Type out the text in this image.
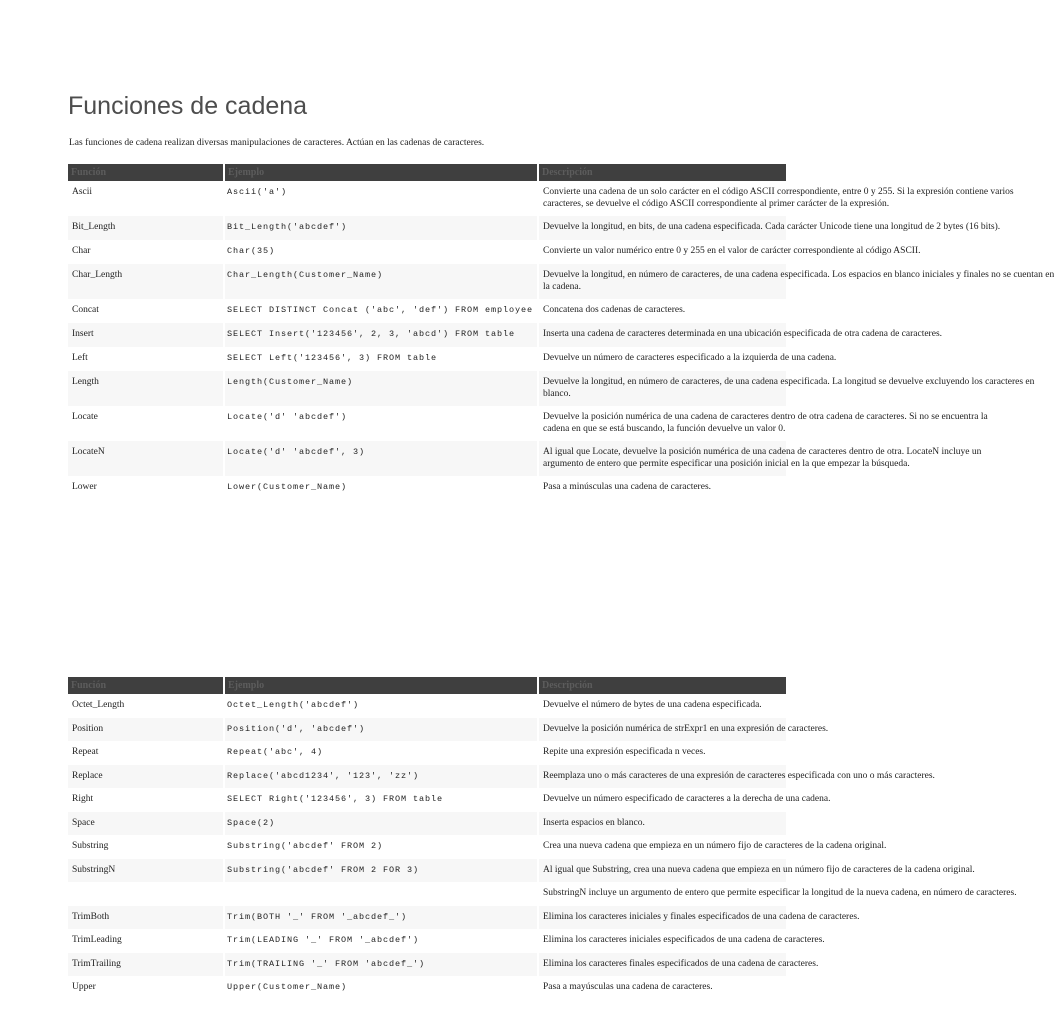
Funciones de cadena
Las funciones de cadena realizan diversas manipulaciones de caracteres. Actúan en las cadenas de caracteres.
Función	Ejemplo	Descripción
Ascii	Ascii('a')	Convierte una cadena de un solo carácter en el código ASCII correspondiente, entre 0 y 255. Si la expresión contiene varios
caracteres, se devuelve el código ASCII correspondiente al primer carácter de la expresión.

Bit_Length	Bit_Length('abcdef')	Devuelve la longitud, en bits, de una cadena especificada. Cada carácter Unicode tiene una longitud de 2 bytes (16 bits).

Char	Char(35)	Convierte un valor numérico entre 0 y 255 en el valor de carácter correspondiente al código ASCII.

Char_Length	Char_Length(Customer_Name)	Devuelve la longitud, en número de caracteres, de una cadena especificada. Los espacios en blanco iniciales y finales no se cuentan en
la cadena.

Concat	SELECT DISTINCT Concat ('abc', 'def') FROM employee	Concatena dos cadenas de caracteres.

Insert	SELECT Insert('123456', 2, 3, 'abcd') FROM table	Inserta una cadena de caracteres determinada en una ubicación especificada de otra cadena de caracteres.

Left	SELECT Left('123456', 3) FROM table	Devuelve un número de caracteres especificado a la izquierda de una cadena.

Length	Length(Customer_Name)	Devuelve la longitud, en número de caracteres, de una cadena especificada. La longitud se devuelve excluyendo los caracteres en
blanco.

Locate	Locate('d' 'abcdef')	Devuelve la posición numérica de una cadena de caracteres dentro de otra cadena de caracteres. Si no se encuentra la
cadena en que se está buscando, la función devuelve un valor 0.

LocateN	Locate('d' 'abcdef', 3)	Al igual que Locate, devuelve la posición numérica de una cadena de caracteres dentro de otra. LocateN incluye un
argumento de entero que permite especificar una posición inicial en la que empezar la búsqueda.

Lower	Lower(Customer_Name)	Pasa a minúsculas una cadena de caracteres.
Función	Ejemplo	Descripción
Octet_Length	Octet_Length('abcdef')	Devuelve el número de bytes de una cadena especificada.

Position	Position('d', 'abcdef')	Devuelve la posición numérica de strExpr1 en una expresión de caracteres.

Repeat	Repeat('abc', 4)	Repite una expresión especificada n veces.

Replace	Replace('abcd1234', '123', 'zz')	Reemplaza uno o más caracteres de una expresión de caracteres especificada con uno o más caracteres.

Right	SELECT Right('123456', 3) FROM table	Devuelve un número especificado de caracteres a la derecha de una cadena.

Space	Space(2)	Inserta espacios en blanco.

Substring	Substring('abcdef' FROM 2)	Crea una nueva cadena que empieza en un número fijo de caracteres de la cadena original.

SubstringN	Substring('abcdef' FROM 2 FOR 3)	Al igual que Substring, crea una nueva cadena que empieza en un número fijo de caracteres de la cadena original.

		SubstringN incluye un argumento de entero que permite especificar la longitud de la nueva cadena, en número de caracteres.

TrimBoth	Trim(BOTH '_' FROM '_abcdef_')	Elimina los caracteres iniciales y finales especificados de una cadena de caracteres.

TrimLeading	Trim(LEADING '_' FROM '_abcdef')	Elimina los caracteres iniciales especificados de una cadena de caracteres.

TrimTrailing	Trim(TRAILING '_' FROM 'abcdef_')	Elimina los caracteres finales especificados de una cadena de caracteres.

Upper	Upper(Customer_Name)	Pasa a mayúsculas una cadena de caracteres.
